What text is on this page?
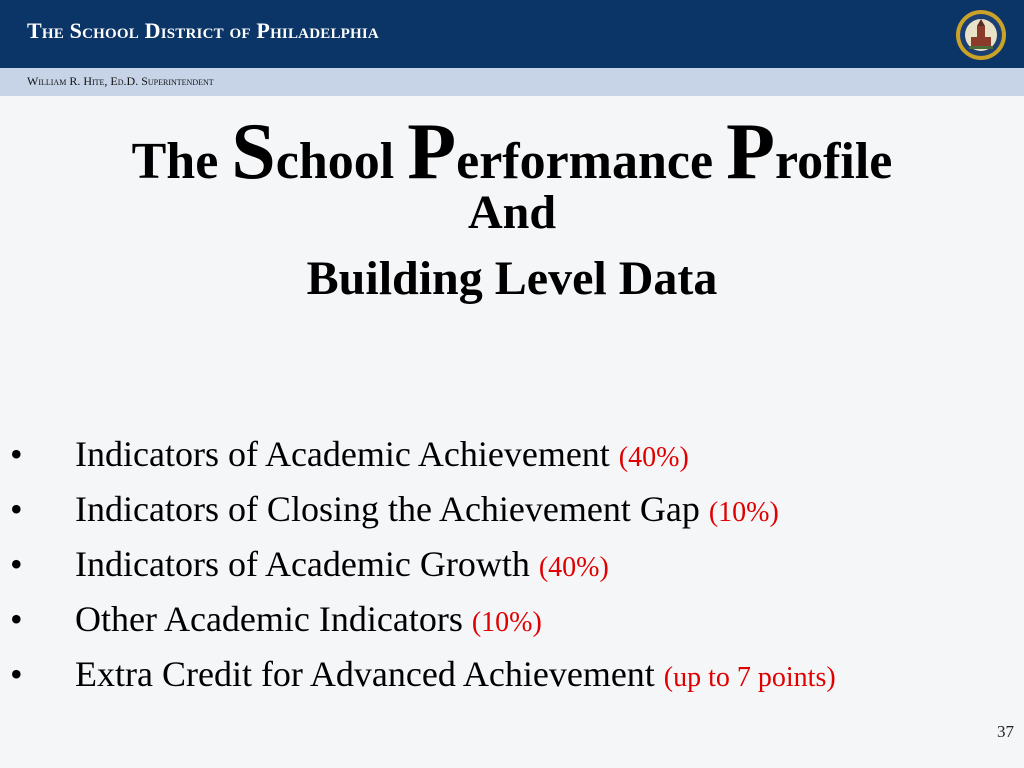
The School District of Philadelphia
William R. Hite, Ed.D. Superintendent
The School Performance Profile
And
Building Level Data
• Indicators of Academic Achievement (40%)
• Indicators of Closing the Achievement Gap (10%)
• Indicators of Academic Growth (40%)
• Other Academic Indicators (10%)
• Extra Credit for Advanced Achievement (up to 7 points)
37
